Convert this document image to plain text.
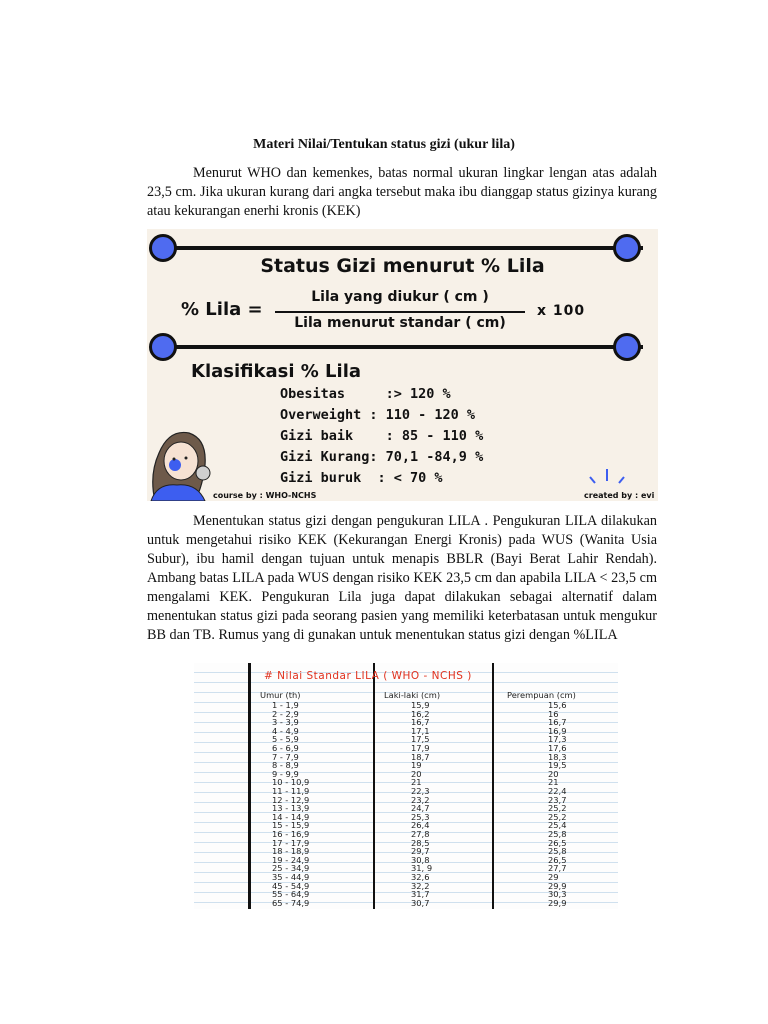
Materi Nilai/Tentukan status gizi (ukur lila)

Menurut WHO dan kemenkes, batas normal ukuran lingkar lengan atas adalah 23,5 cm. Jika ukuran kurang dari angka tersebut maka ibu dianggap status gizinya kurang atau kekurangan enerhi kronis (KEK)

Status Gizi menurut % Lila
% Lila =
Lila yang diukur ( cm )
Lila menurut standar ( cm)
x 100
Klasifikasi % Lila
Obesitas     :> 120 %
Overweight : 110 - 120 %
Gizi baik    : 85 - 110 %
Gizi Kurang: 70,1 -84,9 %
Gizi buruk  : < 70 %
course by : WHO-NCHS	created by : evi

Menentukan status gizi dengan pengukuran LILA . Pengukuran LILA dilakukan untuk mengetahui risiko KEK (Kekurangan Energi Kronis) pada WUS (Wanita Usia Subur), ibu hamil dengan tujuan untuk menapis BBLR (Bayi Berat Lahir Rendah). Ambang batas LILA pada WUS dengan risiko KEK 23,5 cm dan apabila LILA < 23,5 cm mengalami KEK. Pengukuran Lila juga dapat dilakukan sebagai alternatif dalam menentukan status gizi pada seorang pasien yang memiliki keterbatasan untuk mengukur BB dan TB. Rumus yang di gunakan untuk menentukan status gizi dengan %LILA

# Nilai Standar LILA ( WHO - NCHS )
Umur (th)	Laki-laki (cm)	Perempuan (cm)
1 - 1,9	15,9	15,6
2 - 2,9	16,2	16
3 - 3,9	16,7	16,7
4 - 4,9	17,1	16,9
5 - 5,9	17,5	17,3
6 - 6,9	17,9	17,6
7 - 7,9	18,7	18,3
8 - 8,9	19	19,5
9 - 9,9	20	20
10 - 10,9	21	21
11 - 11,9	22,3	22,4
12 - 12,9	23,2	23,7
13 - 13,9	24,7	25,2
14 - 14,9	25,3	25,2
15 - 15,9	26,4	25,4
16 - 16,9	27,8	25,8
17 - 17,9	28,5	26,5
18 - 18,9	29,7	25,8
19 - 24,9	30,8	26,5
25 - 34,9	31, 9	27,7
35 - 44,9	32,6	29
45 - 54,9	32,2	29,9
55 - 64,9	31,7	30,3
65 - 74,9	30,7	29,9
